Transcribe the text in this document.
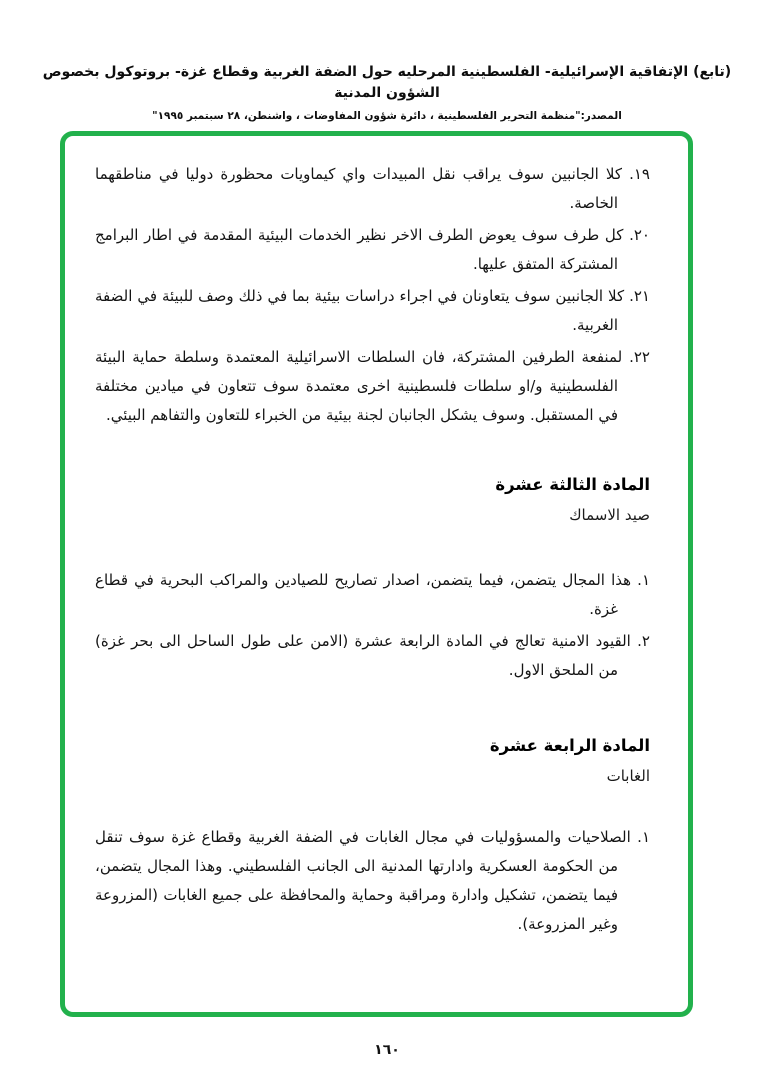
(تابع) الإتفاقية الإسرائيلية- الفلسطينية المرحليه حول الضفة الغربية وقطاع غزة- بروتوكول بخصوص الشؤون المدنية
المصدر:"منظمة التحرير الفلسطينية ، دائرة شؤون المفاوضات ، واشنطن، ٢٨ سبتمبر ١٩٩٥"
١٩. كلا الجانبين سوف يراقب نقل المبيدات واي كيماويات محظورة دوليا في مناطقهما الخاصة.
٢٠. كل طرف سوف يعوض الطرف الاخر نظير الخدمات البيئية المقدمة في اطار البرامج المشتركة المتفق عليها.
٢١. كلا الجانبين سوف يتعاونان في اجراء دراسات بيئية بما في ذلك وصف للبيئة في الضفة الغربية.
٢٢. لمنفعة الطرفين المشتركة، فان السلطات الاسرائيلية المعتمدة وسلطة حماية البيئة الفلسطينية و/او سلطات فلسطينية اخرى معتمدة سوف تتعاون في ميادين مختلفة في المستقبل. وسوف يشكل الجانبان لجنة بيئية من الخبراء للتعاون والتفاهم البيئي.
المادة الثالثة عشرة
صيد الاسماك
١. هذا المجال يتضمن، فيما يتضمن، اصدار تصاريح للصيادين والمراكب البحرية في قطاع غزة.
٢. القيود الامنية تعالج في المادة الرابعة عشرة (الامن على طول الساحل الى بحر غزة) من الملحق الاول.
المادة الرابعة عشرة
الغابات
١. الصلاحيات والمسؤوليات في مجال الغابات في الضفة الغربية وقطاع غزة سوف تنقل من الحكومة العسكرية وادارتها المدنية الى الجانب الفلسطيني. وهذا المجال يتضمن، فيما يتضمن، تشكيل وادارة ومراقبة وحماية والمحافظة على جميع الغابات (المزروعة وغير المزروعة).
١٦٠
